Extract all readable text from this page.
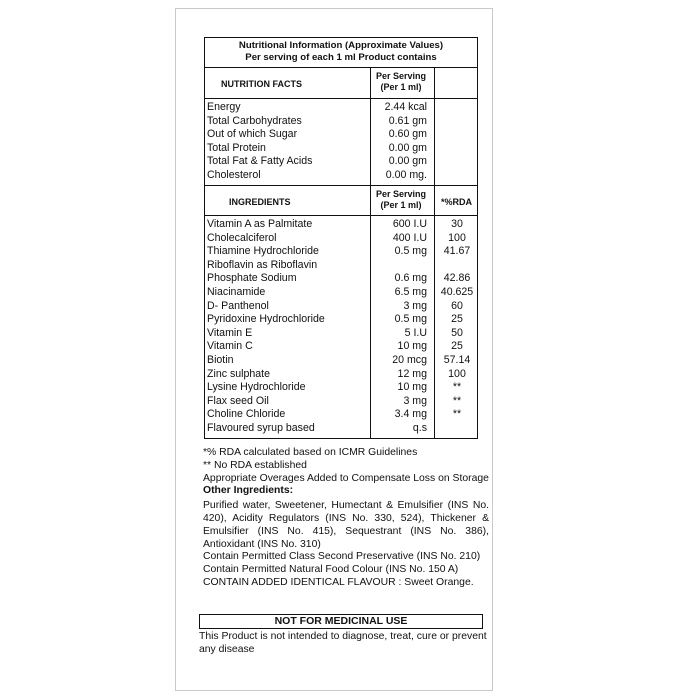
Nutritional Information (Approximate Values)
Per serving of each 1 ml Product contains
NUTRITION FACTS
Per Serving
(Per 1 ml)
Energy	2.44 kcal
Total Carbohydrates	0.61 gm
Out of which Sugar	0.60 gm
Total Protein	0.00 gm
Total Fat & Fatty Acids	0.00 gm
Cholesterol	0.00 mg.
INGREDIENTS
Per Serving
(Per 1 ml)	*%RDA
Vitamin A as Palmitate	600 I.U	30
Cholecalciferol	400 I.U	100
Thiamine Hydrochloride	0.5 mg	41.67
Riboflavin as Riboflavin
Phosphate Sodium	0.6 mg	42.86
Niacinamide	6.5 mg 40.625
D- Panthenol	3 mg	60
Pyridoxine Hydrochloride	0.5 mg	25
Vitamin E	5 I.U	50
Vitamin C	10 mg	25
Biotin	20 mcg	57.14
Zinc sulphate	12 mg	100
Lysine Hydrochloride	10 mg	**
Flax seed Oil	3 mg	**
Choline Chloride	3.4 mg	**
Flavoured syrup based	q.s

*% RDA calculated based on ICMR Guidelines

** No RDA established

Appropriate Overages Added to Compensate Loss on Storage

Other Ingredients:

Purified water, Sweetener, Humectant & Emulsifier (INS No. 420), Acidity Regulators (INS No. 330, 524), Thickener & Emulsifier (INS No. 415), Sequestrant (INS No. 386), Antioxidant (INS No. 310)

Contain Permitted Class Second Preservative (INS No. 210)

Contain Permitted Natural Food Colour (INS No. 150 A)

CONTAIN ADDED IDENTICAL FLAVOUR : Sweet Orange.

NOT FOR MEDICINAL USE
This Product is not intended to diagnose, treat, cure or prevent any disease
